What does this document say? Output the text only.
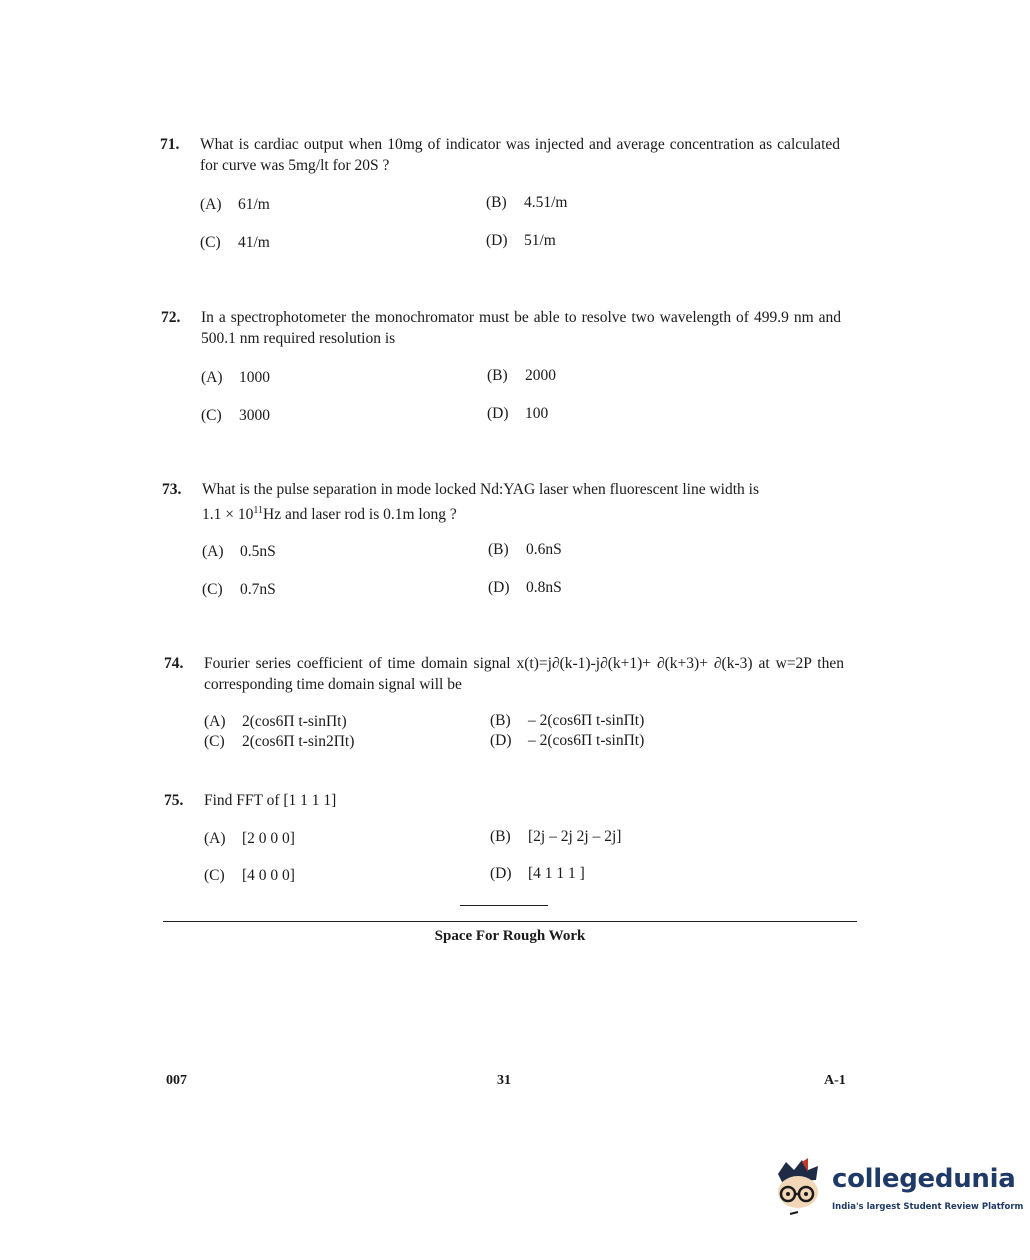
71. What is cardiac output when 10mg of indicator was injected and average concentration as calculated for curve was 5mg/lt for 20S ?
(A) 61/m	(B) 4.51/m
(C) 41/m	(D) 51/m
72. In a spectrophotometer the monochromator must be able to resolve two wavelength of 499.9 nm and 500.1 nm required resolution is
(A) 1000	(B) 2000
(C) 3000	(D) 100
73. What is the pulse separation in mode locked Nd:YAG laser when fluorescent line width is
$1.1 \times 10^{11}Hz$ and laser rod is 0.1m long ?
(A) 0.5nS	(B) 0.6nS
(C) 0.7nS	(D) 0.8nS
74. Fourier series coefficient of time domain signal x(t)=j∂(k-1)-j∂(k+1)+ ∂(k+3)+ ∂(k-3) at w=2P then corresponding time domain signal will be
(A) 2(cos6Π t-sinΠt)	(B) – 2(cos6Π t-sinΠt)
(C) 2(cos6Π t-sin2Πt)	(D) – 2(cos6Π t-sinΠt)
75. Find FFT of [1 1 1 1]
(A) [2 0 0 0]	(B) [2j – 2j 2j – 2j]
(C) [4 0 0 0]	(D) [4 1 1 1 ]
Space For Rough Work
007	31	A-1
collegedunia
India's largest Student Review Platform
